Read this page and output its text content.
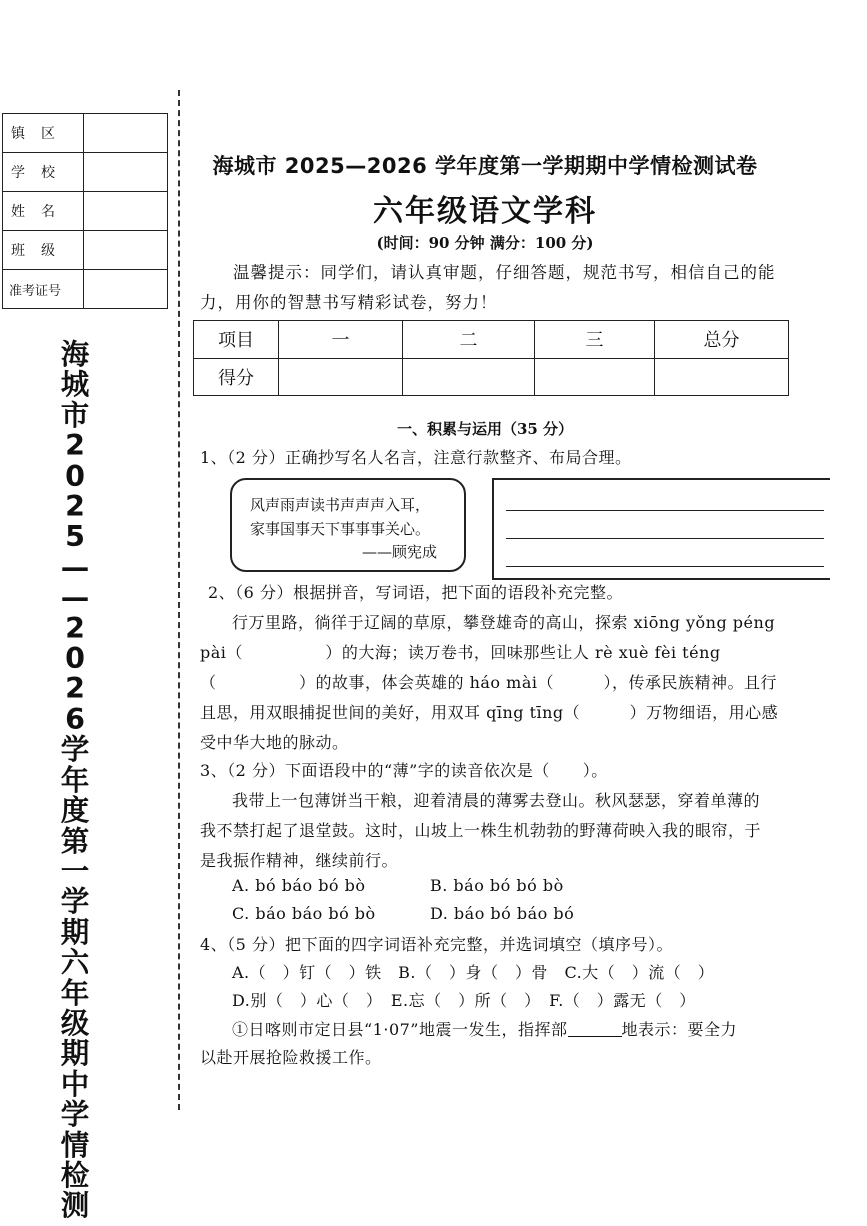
镇 区	
学 校	
姓 名	
班 级	
准考证号	
海
城
市
2
0
2
5
—
—
2
0
2
6
学
年
度
第
一
学
期
六
年
级
期
中
学
情
检
测
海城市 2025—2026 学年度第一学期期中学情检测试卷
六年级语文学科
(时间：90 分钟 满分：100 分)
温馨提示：同学们，请认真审题，仔细答题，规范书写，相信自己的能力，用你的智慧书写精彩试卷，努力！
项目	一	二	三	总分
得分				
一、积累与运用（35 分）
1、（2 分）正确抄写名人名言，注意行款整齐、布局合理。
风声雨声读书声声声入耳，
家事国事天下事事事关心。
——顾宪成
2、（6 分）根据拼音，写词语，把下面的语段补充完整。
行万里路，徜徉于辽阔的草原，攀登雄奇的高山，探索 xiōng yǒng péng
pài（　　　　　）的大海；读万卷书，回味那些让人 rè xuè fèi téng
（　　　　　）的故事，体会英雄的 háo mài（　　　），传承民族精神。且行
且思，用双眼捕捉世间的美好，用双耳 qīng tīng（　　　）万物细语，用心感
受中华大地的脉动。
3、（2 分）下面语段中的“薄”字的读音依次是（　　）。
我带上一包薄饼当干粮，迎着清晨的薄雾去登山。秋风瑟瑟，穿着单薄的
我不禁打起了退堂鼓。这时，山坡上一株生机勃勃的野薄荷映入我的眼帘，于
是我振作精神，继续前行。
A. bó báo bó bò	B. báo bó bó bò
C. báo báo bó bò	D. báo bó báo bó
4、（5 分）把下面的四字词语补充完整，并选词填空（填序号）。
A.（　）钉（　）铁　B.（　）身（　）骨　C.大（　）流（　）
D.别（　）心（　）　E.忘（　）所（　）　F.（　）露无（　）
①日喀则市定日县“1·07”地震一发生，指挥部	地表示：要全力
以赴开展抢险救援工作。
